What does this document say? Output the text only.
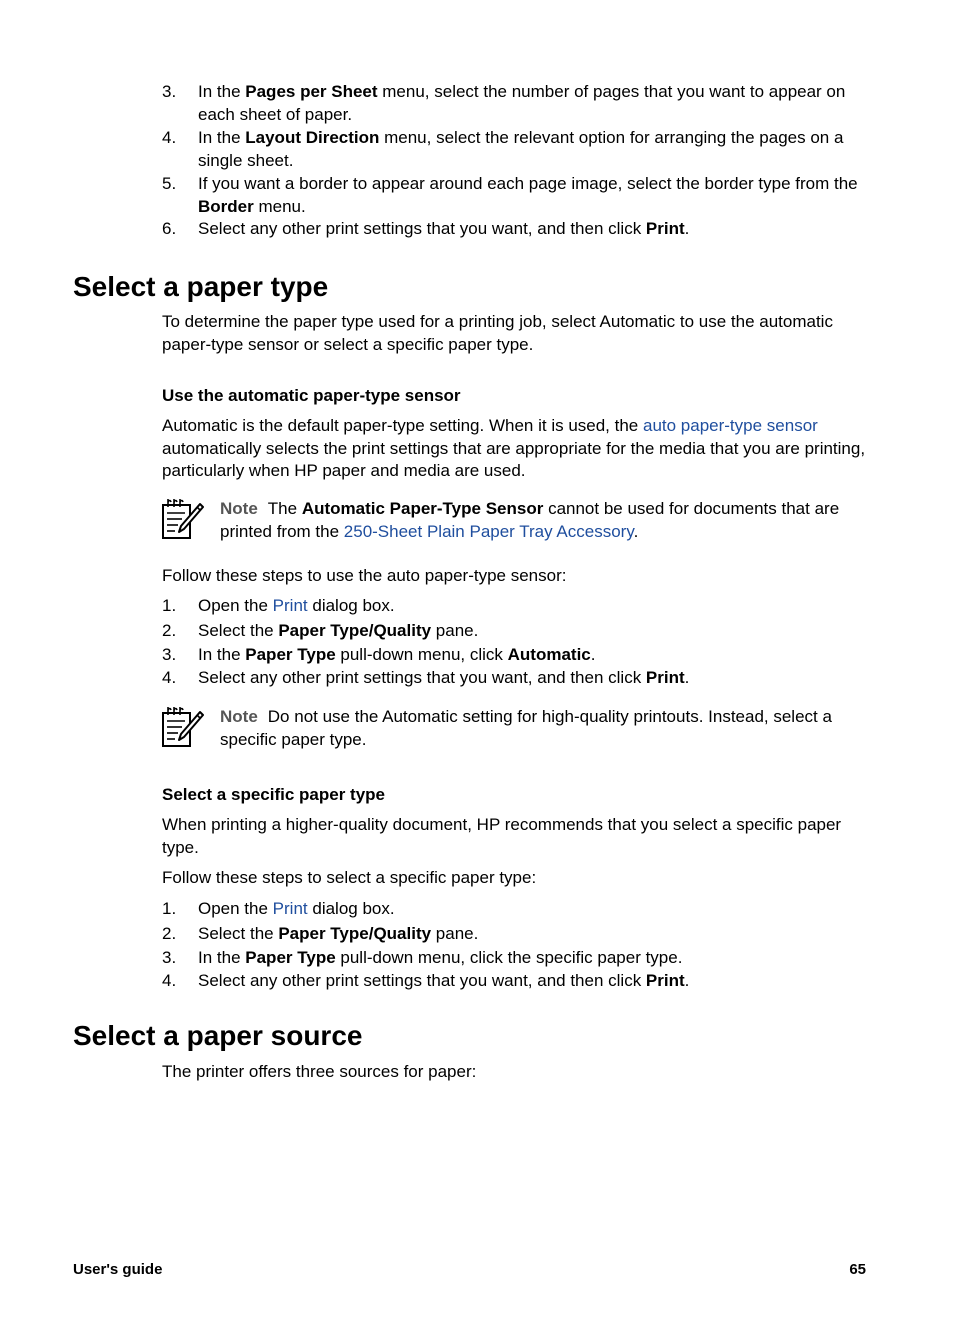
3. In the Pages per Sheet menu, select the number of pages that you want to appear on each sheet of paper.
4. In the Layout Direction menu, select the relevant option for arranging the pages on a single sheet.
5. If you want a border to appear around each page image, select the border type from the Border menu.
6. Select any other print settings that you want, and then click Print.
Select a paper type

To determine the paper type used for a printing job, select Automatic to use the automatic paper-type sensor or select a specific paper type.

Use the automatic paper-type sensor

Automatic is the default paper-type setting. When it is used, the auto paper-type sensor automatically selects the print settings that are appropriate for the media that you are printing, particularly when HP paper and media are used.

Note The Automatic Paper-Type Sensor cannot be used for documents that are printed from the 250-Sheet Plain Paper Tray Accessory.

Follow these steps to use the auto paper-type sensor:

1. Open the Print dialog box.
2. Select the Paper Type/Quality pane.
3. In the Paper Type pull-down menu, click Automatic.
4. Select any other print settings that you want, and then click Print.
Note Do not use the Automatic setting for high-quality printouts. Instead, select a specific paper type.
Select a specific paper type

When printing a higher-quality document, HP recommends that you select a specific paper type.

Follow these steps to select a specific paper type:

1. Open the Print dialog box.
2. Select the Paper Type/Quality pane.
3. In the Paper Type pull-down menu, click the specific paper type.
4. Select any other print settings that you want, and then click Print.
Select a paper source

The printer offers three sources for paper:

User's guide	65
